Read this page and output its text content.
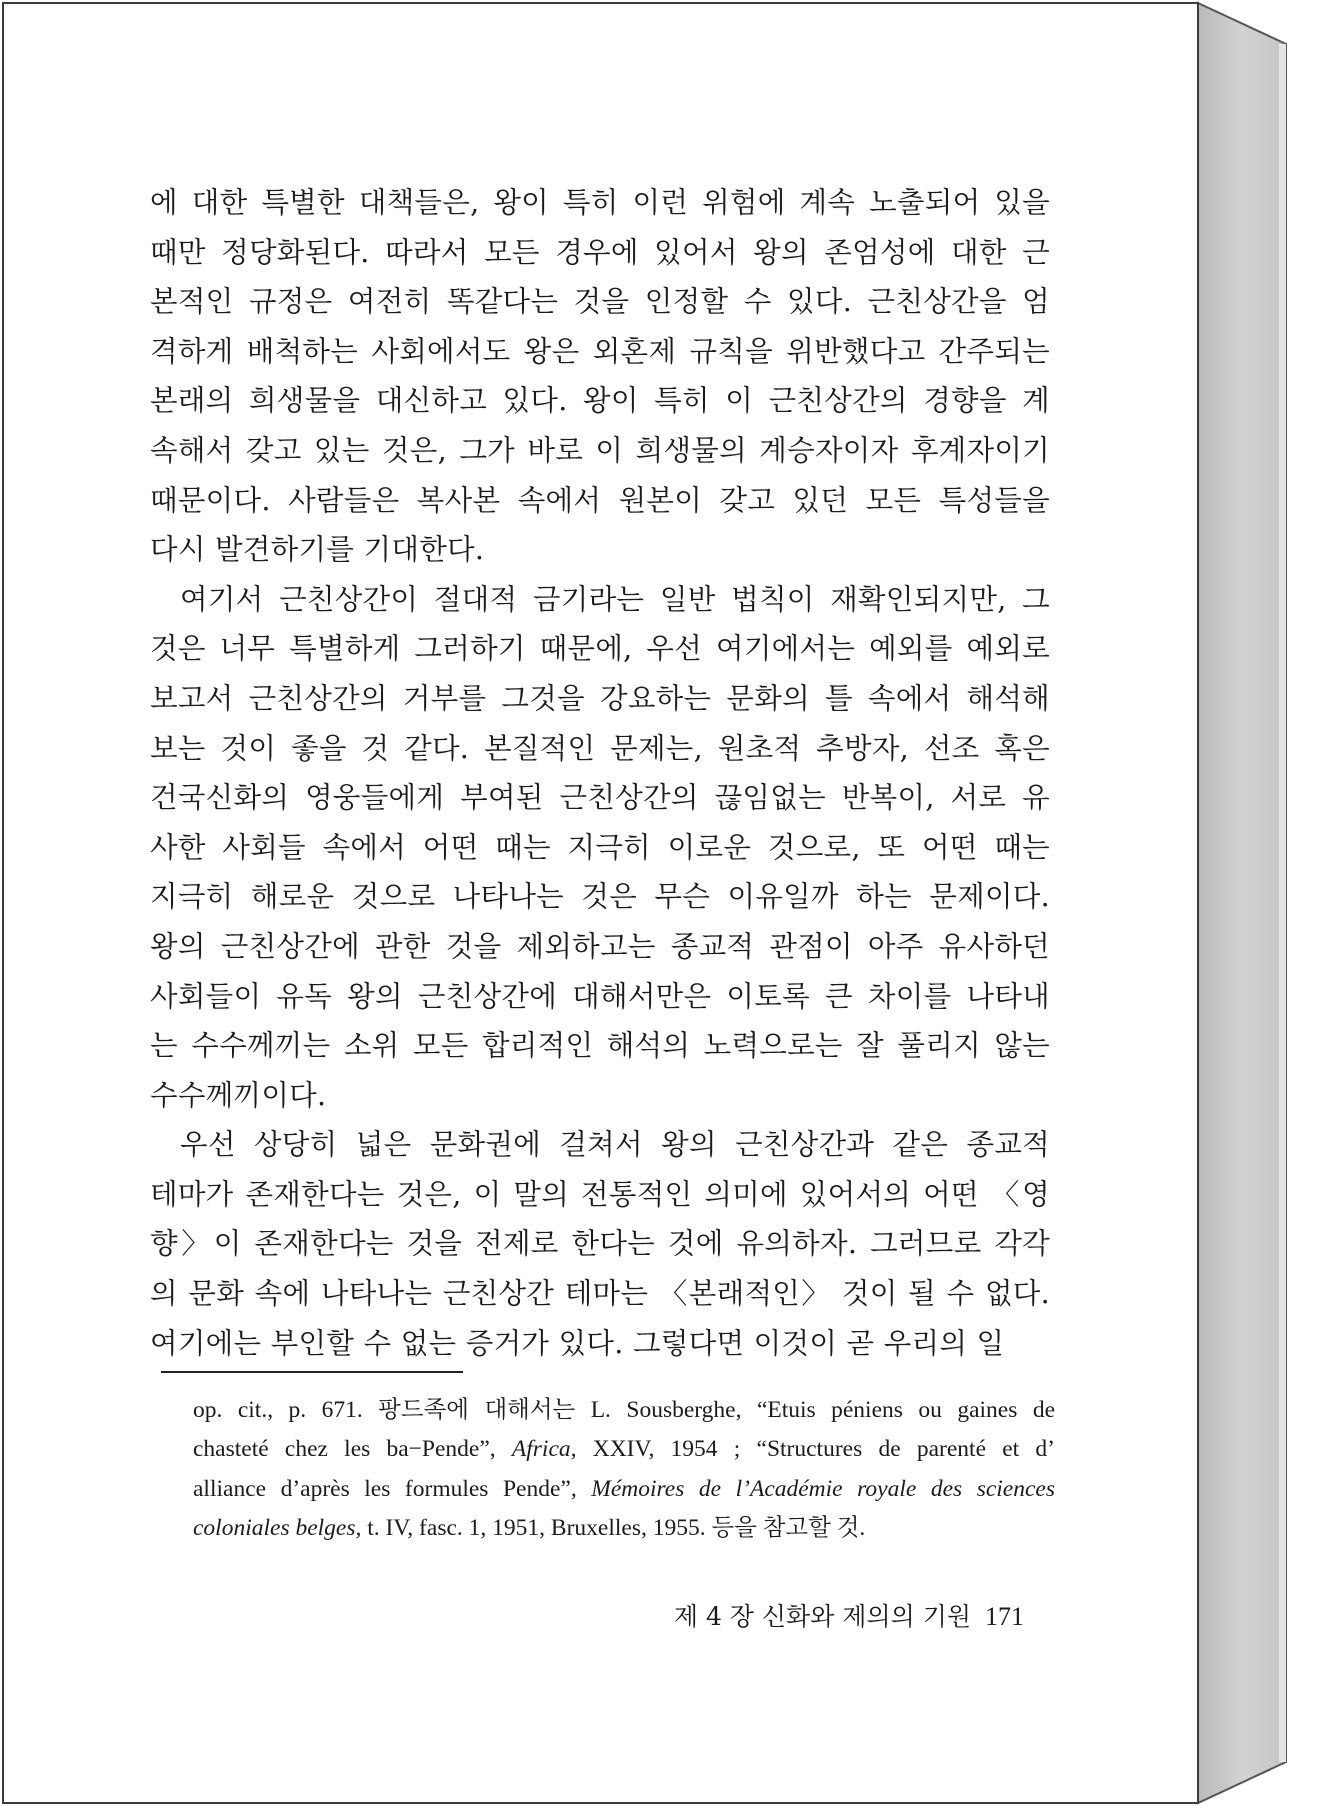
에 대한 특별한 대책들은, 왕이 특히 이런 위험에 계속 노출되어 있을
때만 정당화된다. 따라서 모든 경우에 있어서 왕의 존엄성에 대한 근
본적인 규정은 여전히 똑같다는 것을 인정할 수 있다. 근친상간을 엄
격하게 배척하는 사회에서도 왕은 외혼제 규칙을 위반했다고 간주되는
본래의 희생물을 대신하고 있다. 왕이 특히 이 근친상간의 경향을 계
속해서 갖고 있는 것은, 그가 바로 이 희생물의 계승자이자 후계자이기
때문이다. 사람들은 복사본 속에서 원본이 갖고 있던 모든 특성들을
다시 발견하기를 기대한다.
여기서 근친상간이 절대적 금기라는 일반 법칙이 재확인되지만, 그
것은 너무 특별하게 그러하기 때문에, 우선 여기에서는 예외를 예외로
보고서 근친상간의 거부를 그것을 강요하는 문화의 틀 속에서 해석해
보는 것이 좋을 것 같다. 본질적인 문제는, 원초적 추방자, 선조 혹은
건국신화의 영웅들에게 부여된 근친상간의 끊임없는 반복이, 서로 유
사한 사회들 속에서 어떤 때는 지극히 이로운 것으로, 또 어떤 때는
지극히 해로운 것으로 나타나는 것은 무슨 이유일까 하는 문제이다.
왕의 근친상간에 관한 것을 제외하고는 종교적 관점이 아주 유사하던
사회들이 유독 왕의 근친상간에 대해서만은 이토록 큰 차이를 나타내
는 수수께끼는 소위 모든 합리적인 해석의 노력으로는 잘 풀리지 않는
수수께끼이다.
우선 상당히 넓은 문화권에 걸쳐서 왕의 근친상간과 같은 종교적
테마가 존재한다는 것은, 이 말의 전통적인 의미에 있어서의 어떤 〈영
향〉이 존재한다는 것을 전제로 한다는 것에 유의하자. 그러므로 각각
의 문화 속에 나타나는 근친상간 테마는 〈본래적인〉 것이 될 수 없다.
여기에는 부인할 수 없는 증거가 있다. 그렇다면 이것이 곧 우리의 일
op. cit., p. 671. 팡드족에 대해서는 L. Sousberghe, “Etuis péniens ou gaines de
chasteté chez les ba−Pende”, Africa, XXIV, 1954 ; “Structures de parenté et d’
alliance d’après les formules Pende”, Mémoires de l’Académie royale des sciences
coloniales belges, t. IV, fasc. 1, 1951, Bruxelles, 1955. 등을 참고할 것.
제 4 장 신화와 제의의 기원 171
